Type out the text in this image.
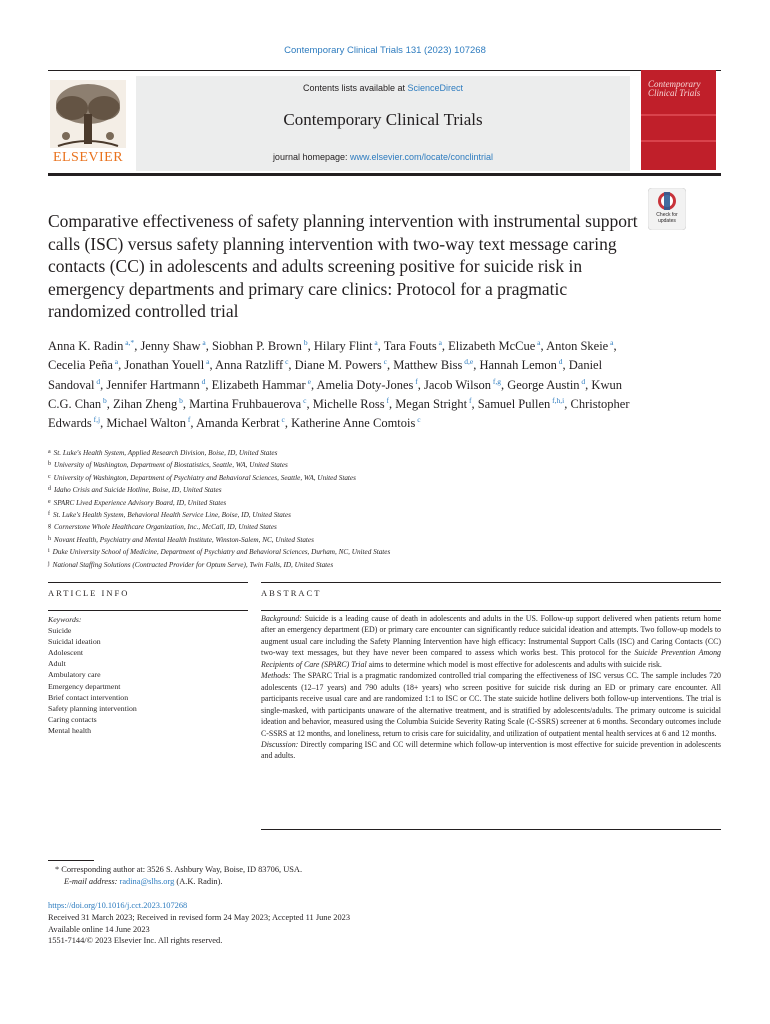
Contemporary Clinical Trials 131 (2023) 107268
ELSEVIER
Contents lists available at ScienceDirect
Contemporary Clinical Trials
journal homepage: www.elsevier.com/locate/conclintrial
Contemporary Clinical Trials
Check for updates
Comparative effectiveness of safety planning intervention with instrumental support calls (ISC) versus safety planning intervention with two-way text message caring contacts (CC) in adolescents and adults screening positive for suicide risk in emergency departments and primary care clinics: Protocol for a pragmatic randomized controlled trial
Anna K. Radin $^{a,*}$, Jenny Shaw $^a$, Siobhan P. Brown $^b$, Hilary Flint $^a$, Tara Fouts $^a$, Elizabeth McCue $^a$, Anton Skeie $^a$, Cecelia Peña $^a$, Jonathan Youell $^a$, Anna Ratzliff $^c$, Diane M. Powers $^c$, Matthew Biss $^{d,e}$, Hannah Lemon $^d$, Daniel Sandoval $^d$, Jennifer Hartmann $^d$, Elizabeth Hammar $^e$, Amelia Doty-Jones $^f$, Jacob Wilson $^{f,g}$, George Austin $^d$, Kwun C.G. Chan $^b$, Zihan Zheng $^b$, Martina Fruhbauerova $^c$, Michelle Ross $^f$, Megan Stright $^f$, Samuel Pullen $^{f,h,i}$, Christopher Edwards $^{f,j}$, Michael Walton $^f$, Amanda Kerbrat $^c$, Katherine Anne Comtois $^c$
$^a$ St. Luke's Health System, Applied Research Division, Boise, ID, United States
$^b$ University of Washington, Department of Biostatistics, Seattle, WA, United States
$^c$ University of Washington, Department of Psychiatry and Behavioral Sciences, Seattle, WA, United States
$^d$ Idaho Crisis and Suicide Hotline, Boise, ID, United States
$^e$ SPARC Lived Experience Advisory Board, ID, United States
$^f$ St. Luke's Health System, Behavioral Health Service Line, Boise, ID, United States
$^g$ Cornerstone Whole Healthcare Organization, Inc., McCall, ID, United States
$^h$ Novant Health, Psychiatry and Mental Health Institute, Winston-Salem, NC, United States
$^i$ Duke University School of Medicine, Department of Psychiatry and Behavioral Sciences, Durham, NC, United States
$^j$ National Staffing Solutions (Contracted Provider for Optum Serve), Twin Falls, ID, United States
ARTICLE INFO	ABSTRACT
Keywords:
Suicide
Suicidal ideation
Adolescent
Adult
Ambulatory care
Emergency department
Brief contact intervention
Safety planning intervention
Caring contacts
Mental health

Background: Suicide is a leading cause of death in adolescents and adults in the US. Follow-up support delivered when patients return home after an emergency department (ED) or primary care encounter can significantly reduce suicidal ideation and attempts. Two follow-up models to augment usual care including the Safety Planning Intervention have high efficacy: Instrumental Support Calls (ISC) and Caring Contacts (CC) two-way text messages, but they have never been compared to assess which works best. This protocol for the Suicide Prevention Among Recipients of Care (SPARC) Trial aims to determine which model is most effective for adolescents and adults with suicide risk.

Methods: The SPARC Trial is a pragmatic randomized controlled trial comparing the effectiveness of ISC versus CC. The sample includes 720 adolescents (12–17 years) and 790 adults (18+ years) who screen positive for suicide risk during an ED or primary care encounter. All participants receive usual care and are randomized 1:1 to ISC or CC. The state suicide hotline delivers both follow-up interventions. The trial is single-masked, with participants unaware of the alternative treatment, and is stratified by adolescents/adults. The primary outcome is suicidal ideation and behavior, measured using the Columbia Suicide Severity Rating Scale (C-SSRS) screener at 6 months. Secondary outcomes include C-SSRS at 12 months, and loneliness, return to crisis care for suicidality, and utilization of outpatient mental health services at 6 and 12 months.

Discussion: Directly comparing ISC and CC will determine which follow-up intervention is most effective for suicide prevention in adolescents and adults.

* Corresponding author at: 3526 S. Ashbury Way, Boise, ID 83706, USA.
E-mail address: radina@slhs.org (A.K. Radin).
https://doi.org/10.1016/j.cct.2023.107268
Received 31 March 2023; Received in revised form 24 May 2023; Accepted 11 June 2023
Available online 14 June 2023
1551-7144/© 2023 Elsevier Inc. All rights reserved.
